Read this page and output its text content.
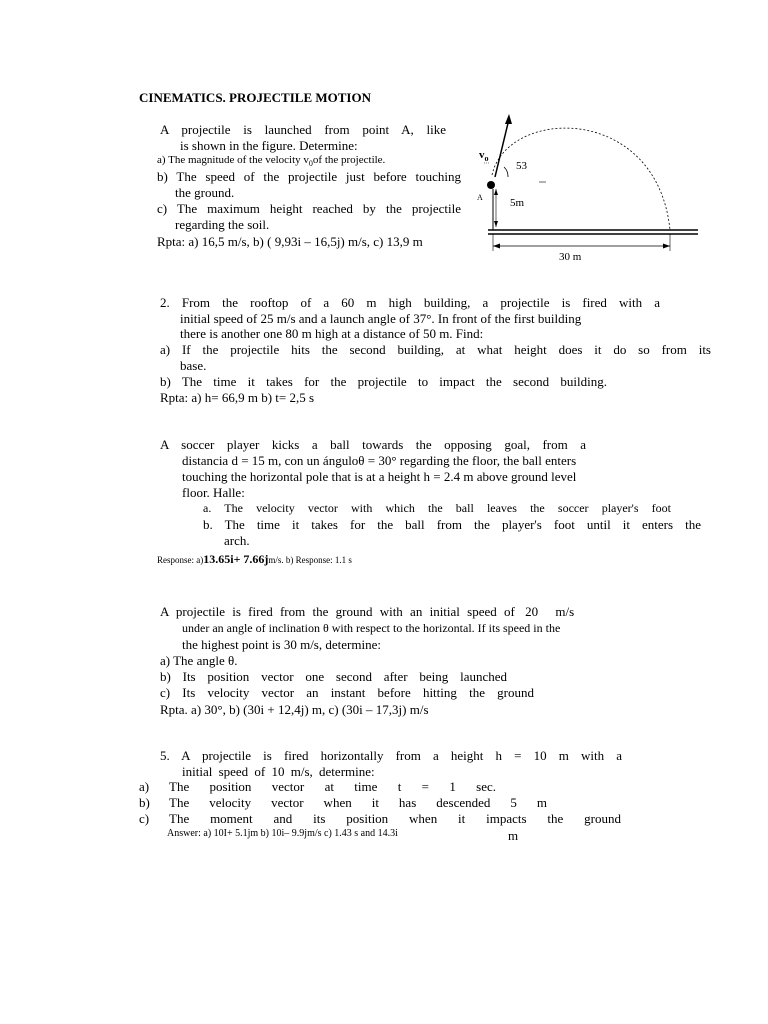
CINEMATICS. PROJECTILE MOTION
A projectile is launched from point A, like
is shown in the figure. Determine:
a) The magnitude of the velocity $v_0of$ the projectile.
b) The speed of the projectile just before touching
the ground.
c) The maximum height reached by the projectile
regarding the soil.
Rpta: a) 16,5 m/s, b) ( 9,93i – 16,5j) m/s, c) 13,9 m
$v_o$
53
A 5m
30 m
2. From the rooftop of a 60 m high building, a projectile is fired with a
initial speed of 25 m/s and a launch angle of 37°. In front of the first building
there is another one 80 m high at a distance of 50 m. Find:
a) If the projectile hits the second building, at what height does it do so from its
base.
b) The time it takes for the projectile to impact the second building.
Rpta: a) h= 66,9 m b) t= 2,5 s
A soccer player kicks a ball towards the opposing goal, from a
distancia d = 15 m, con un ánguloθ = 30° regarding the floor, the ball enters
touching the horizontal pole that is at a height h = 2.4 m above ground level
floor. Halle:
a. The velocity vector with which the ball leaves the soccer player's foot
b. The time it takes for the ball from the player's foot until it enters the
arch.
Response: a)13.65i+ 7.66jm/s. b) Response: 1.1 s
A projectile is fired from the ground with an initial speed of 20 m/s
under an angle of inclination θ with respect to the horizontal. If its speed in the
the highest point is 30 m/s, determine:
a) The angle θ.
b) Its position vector one second after being launched
c) Its velocity vector an instant before hitting the ground
Rpta. a) 30°, b) (30i + 12,4j) m, c) (30i – 17,3j) m/s
5. A projectile is fired horizontally from a height h = 10 m with a
initial speed of 10 m/s, determine:
a) The position vector at time t = 1 sec.
b) The velocity vector when it has descended 5 m
c) The moment and its position when it impacts the ground
Answer: a) 10I+ 5.1jm b) 10i– 9.9jm/s c) 1.43 s and 14.3i	m
